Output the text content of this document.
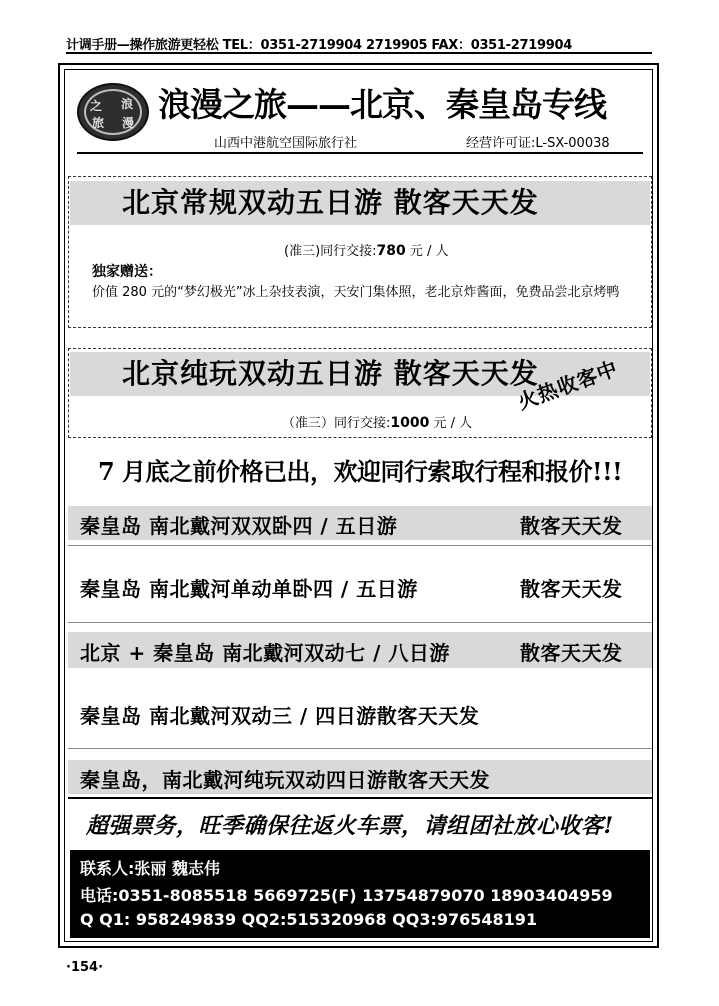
计调手册—操作旅游更轻松 TEL：0351-2719904 2719905 FAX：0351-2719904
之 浪
旅 漫 浪漫之旅——北京、秦皇岛专线
山西中港航空国际旅行社	经营许可证:L-SX-00038
北京常规双动五日游 散客天天发
(准三)同行交接:780 元 / 人
独家赠送：
价值 280 元的“梦幻极光”冰上杂技表演，天安门集体照，老北京炸酱面，免费品尝北京烤鸭
北京纯玩双动五日游 散客天天发
（准三）同行交接:1000 元 / 人
火热收客中
7 月底之前价格已出，欢迎同行索取行程和报价!!!
秦皇岛 南北戴河双双卧四 / 五日游	散客天天发
秦皇岛 南北戴河单动单卧四 / 五日游	散客天天发
北京 + 秦皇岛 南北戴河双动七 / 八日游	散客天天发
秦皇岛 南北戴河双动三 / 四日游散客天天发
秦皇岛，南北戴河纯玩双动四日游散客天天发
超强票务，旺季确保往返火车票，请组团社放心收客!
联系人:张丽 魏志伟
电话:0351-8085518 5669725(F) 13754879070 18903404959
Q Q1: 958249839 QQ2:515320968 QQ3:976548191
·154·
